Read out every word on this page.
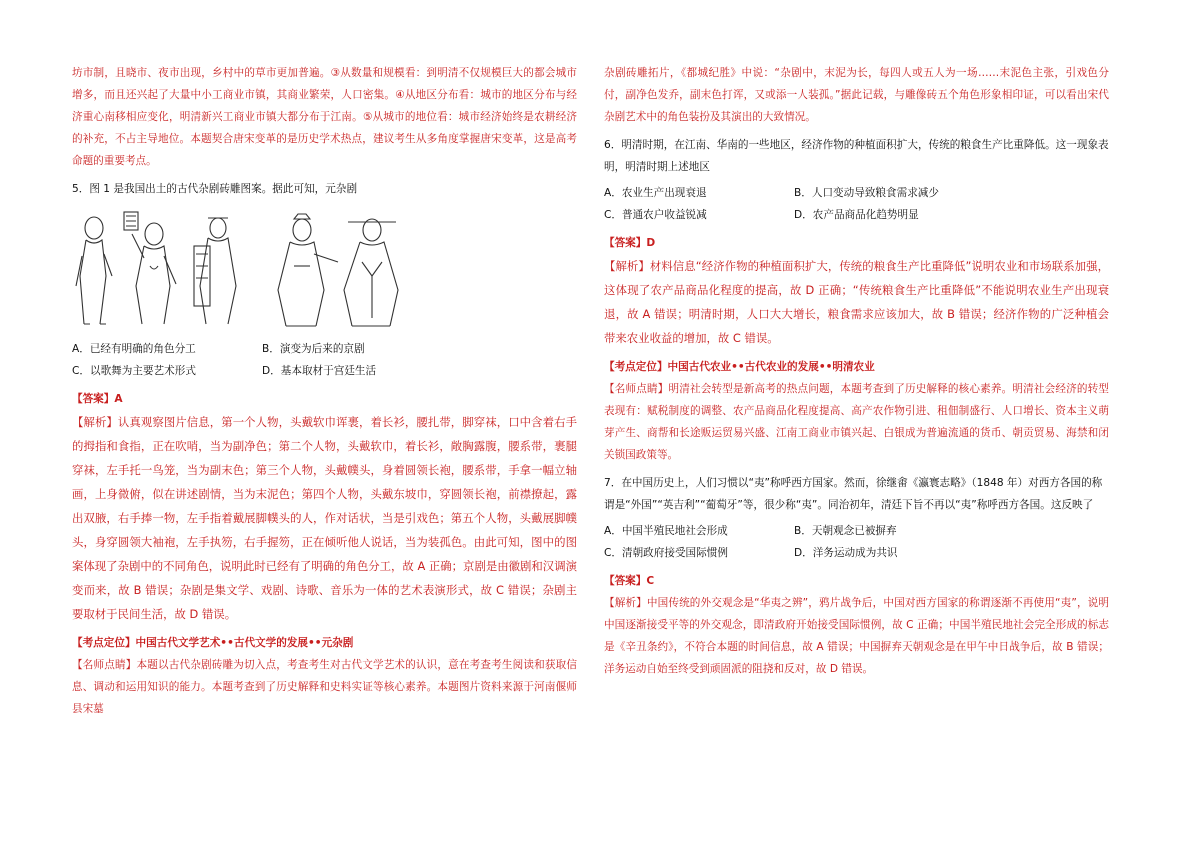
坊市制，且晓市、夜市出现，乡村中的草市更加普遍。③从数量和规模看：到明清不仅规模巨大的都会城市增多，而且还兴起了大量中小工商业市镇，其商业繁荣，人口密集。④从地区分布看：城市的地区分布与经济重心南移相应变化，明清新兴工商业市镇大都分布于江南。⑤从城市的地位看：城市经济始终是农耕经济的补充，不占主导地位。本题契合唐宋变革的是历史学术热点，建议考生从多角度掌握唐宋变革，这是高考命题的重要考点。

5．图 1 是我国出土的古代杂剧砖雕图案。据此可知，元杂剧
A．已经有明确的角色分工	B．演变为后来的京剧
C．以歌舞为主要艺术形式	D．基本取材于宫廷生活
【答案】A

【解析】认真观察图片信息，第一个人物，头戴软巾诨裹，着长衫，腰扎带，脚穿袜，口中含着右手的拇指和食指，正在吹哨，当为副净色；第二个人物，头戴软巾，着长衫，敞胸露腹，腰系带，裹腿穿袜，左手托一鸟笼，当为副末色；第三个人物，头戴幞头，身着圆领长袍，腰系带，手拿一幅立轴画，上身微俯，似在讲述剧情，当为末泥色；第四个人物，头戴东坡巾，穿圆领长袍，前襟撩起，露出双腋，右手捧一物，左手指着戴展脚幞头的人，作对话状，当是引戏色；第五个人物，头戴展脚幞头，身穿圆领大袖袍，左手执笏，右手握笏，正在倾听他人说话，当为装孤色。由此可知，图中的图案体现了杂剧中的不同角色，说明此时已经有了明确的角色分工，故 A 正确；京剧是由徽剧和汉调演变而来，故 B 错误；杂剧是集文学、戏剧、诗歌、音乐为一体的艺术表演形式，故 C 错误；杂剧主要取材于民间生活，故 D 错误。

【考点定位】中国古代文学艺术••古代文学的发展••元杂剧

【名师点睛】本题以古代杂剧砖雕为切入点，考查考生对古代文学艺术的认识，意在考查考生阅读和获取信息、调动和运用知识的能力。本题考查到了历史解释和史料实证等核心素养。本题图片资料来源于河南偃师县宋墓

杂剧砖雕拓片，《都城纪胜》中说：“杂剧中，末泥为长，每四人或五人为一场……末泥色主张，引戏色分付，副净色发乔，副末色打诨，又或添一人装孤。”据此记载，与雕像砖五个角色形象相印证，可以看出宋代杂剧艺术中的角色装扮及其演出的大致情况。

6．明清时期，在江南、华南的一些地区，经济作物的种植面积扩大，传统的粮食生产比重降低。这一现象表明，明清时期上述地区
A．农业生产出现衰退	B．人口变动导致粮食需求减少
C．普通农户收益锐减	D．农产品商品化趋势明显
【答案】D

【解析】材料信息“经济作物的种植面积扩大，传统的粮食生产比重降低”说明农业和市场联系加强，这体现了农产品商品化程度的提高，故 D 正确；“传统粮食生产比重降低”不能说明农业生产出现衰退，故 A 错误；明清时期，人口大大增长，粮食需求应该加大，故 B 错误；经济作物的广泛种植会带来农业收益的增加，故 C 错误。

【考点定位】中国古代农业••古代农业的发展••明清农业

【名师点睛】明清社会转型是新高考的热点问题，本题考查到了历史解释的核心素养。明清社会经济的转型表现有：赋税制度的调整、农产品商品化程度提高、高产农作物引进、租佃制盛行、人口增长、资本主义萌芽产生、商帮和长途贩运贸易兴盛、江南工商业市镇兴起、白银成为普遍流通的货币、朝贡贸易、海禁和闭关锁国政策等。

7．在中国历史上，人们习惯以“夷”称呼西方国家。然而，徐继畬《瀛寰志略》（1848 年）对西方各国的称谓是“外国”“英吉利”“葡萄牙”等，很少称“夷”。同治初年，清廷下旨不再以“夷”称呼西方各国。这反映了
A．中国半殖民地社会形成	B．天朝观念已被摒弃
C．清朝政府接受国际惯例	D．洋务运动成为共识
【答案】C

【解析】中国传统的外交观念是“华夷之辨”，鸦片战争后，中国对西方国家的称谓逐渐不再使用“夷”，说明中国逐渐接受平等的外交观念，即清政府开始接受国际惯例，故 C 正确；中国半殖民地社会完全形成的标志是《辛丑条约》，不符合本题的时间信息，故 A 错误；中国摒弃天朝观念是在甲午中日战争后，故 B 错误；洋务运动自始至终受到顽固派的阻挠和反对，故 D 错误。
